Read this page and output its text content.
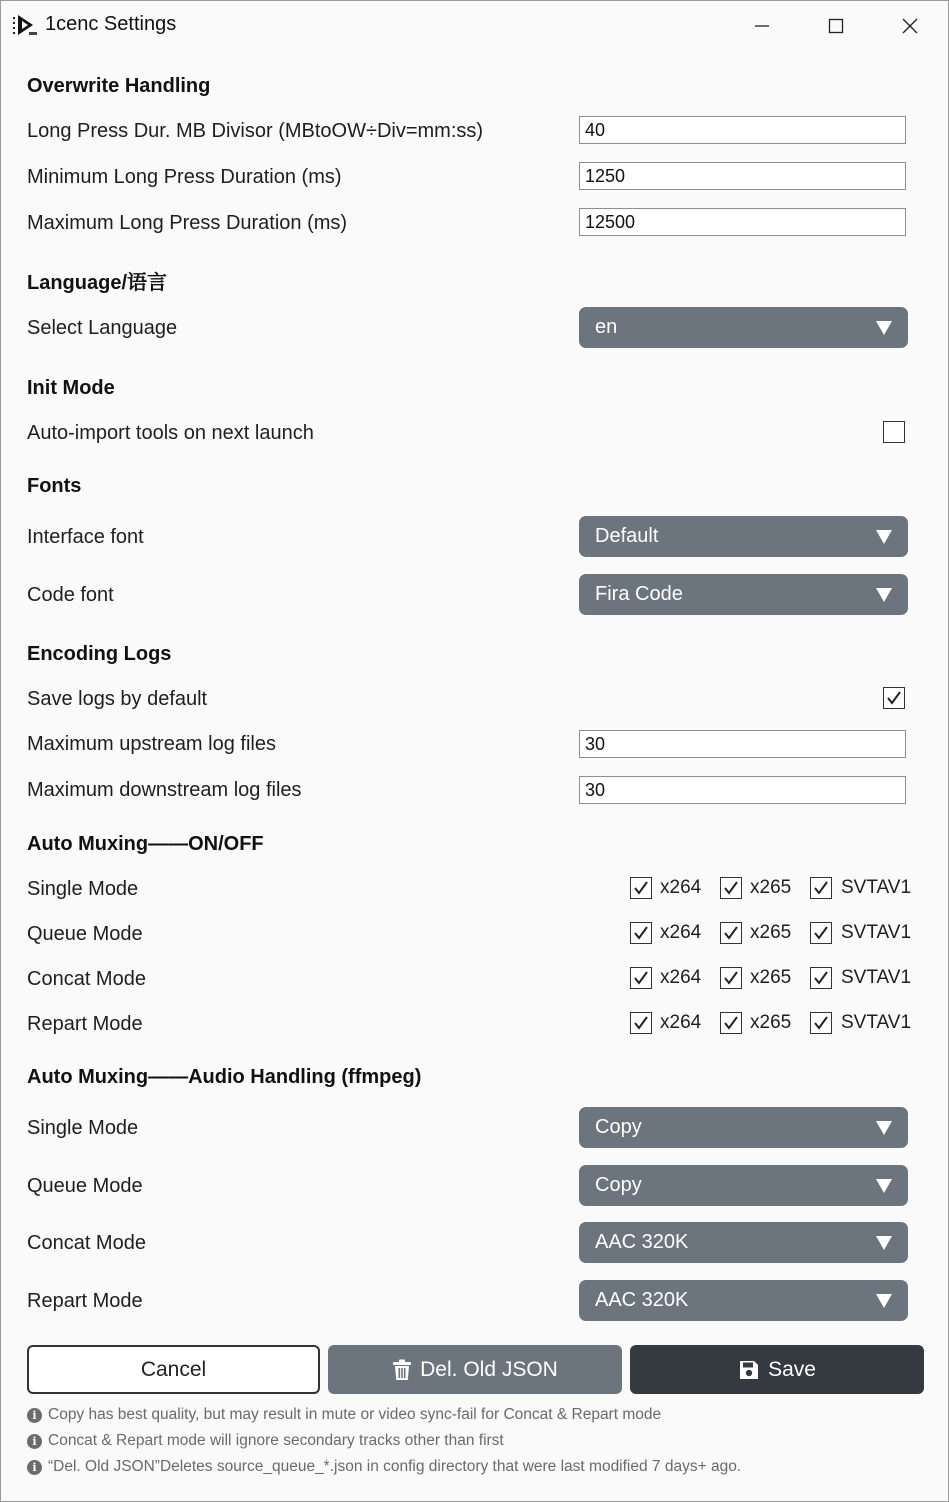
1cenc Settings
Overwrite Handling
Long Press Dur. MB Divisor (MBtoOW÷Div=mm:ss)	40
Minimum Long Press Duration (ms)	1250
Maximum Long Press Duration (ms)	12500
Language/语言
Select Language	en
Init Mode
Auto-import tools on next launch
Fonts
Interface font	Default
Code font	Fira Code
Encoding Logs
Save logs by default
Maximum upstream log files	30
Maximum downstream log files	30
Auto Muxing——ON/OFF
Single Mode	x264	x265	SVTAV1
Queue Mode	x264	x265	SVTAV1
Concat Mode	x264	x265	SVTAV1
Repart Mode	x264	x265	SVTAV1
Auto Muxing——Audio Handling (ffmpeg)
Single Mode	Copy
Queue Mode	Copy
Concat Mode	AAC 320K
Repart Mode	AAC 320K
Cancel	Del. Old JSON	Save
i Copy has best quality, but may result in mute or video sync-fail for Concat & Repart mode
i Concat & Repart mode will ignore secondary tracks other than first
i “Del. Old JSON”Deletes source_queue_*.json in config directory that were last modified 7 days+ ago.
